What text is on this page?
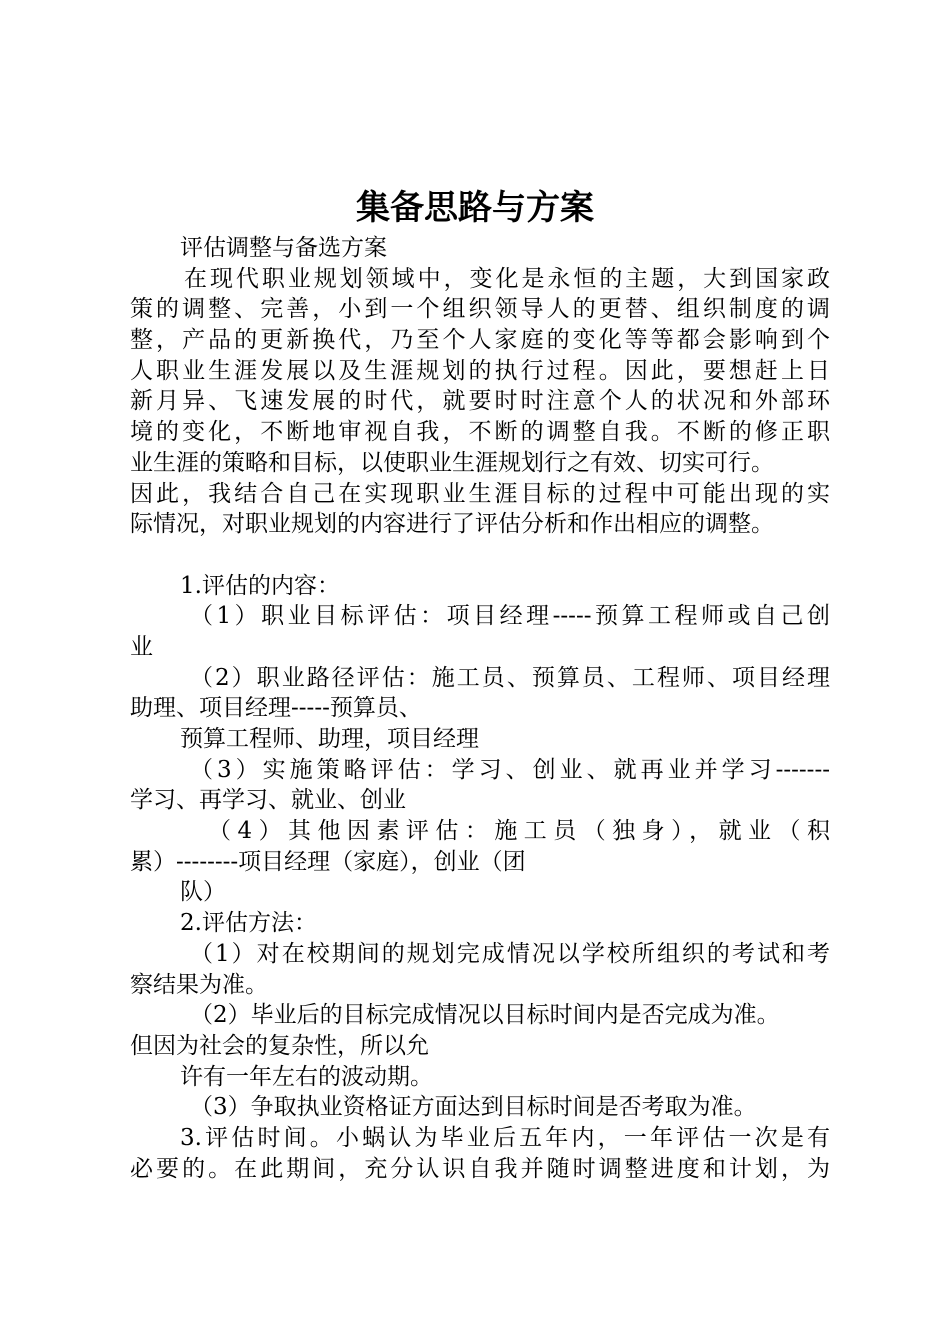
集备思路与方案
评估调整与备选方案
在现代职业规划领域中，变化是永恒的主题，大到国家政
策的调整、完善，小到一个组织领导人的更替、组织制度的调
整，产品的更新换代，乃至个人家庭的变化等等都会影响到个
人职业生涯发展以及生涯规划的执行过程。因此，要想赶上日
新月异、飞速发展的时代，就要时时注意个人的状况和外部环
境的变化，不断地审视自我，不断的调整自我。不断的修正职
业生涯的策略和目标，以使职业生涯规划行之有效、切实可行。
因此，我结合自己在实现职业生涯目标的过程中可能出现的实
际情况，对职业规划的内容进行了评估分析和作出相应的调整。
1.评估的内容：
（1）职业目标评估：项目经理-----预算工程师或自己创
业
（2）职业路径评估：施工员、预算员、工程师、项目经理
助理、项目经理-----预算员、
预算工程师、助理，项目经理
（3）实施策略评估：学习、创业、就再业并学习-------
学习、再学习、就业、创业
（4）其他因素评估：施工员（独身），就业（积
累）--------项目经理（家庭），创业（团
队）
2.评估方法：
（1）对在校期间的规划完成情况以学校所组织的考试和考
察结果为准。
（2）毕业后的目标完成情况以目标时间内是否完成为准。
但因为社会的复杂性，所以允
许有一年左右的波动期。
（3）争取执业资格证方面达到目标时间是否考取为准。
3.评估时间。小蜗认为毕业后五年内，一年评估一次是有
必要的。在此期间，充分认识自我并随时调整进度和计划，为
